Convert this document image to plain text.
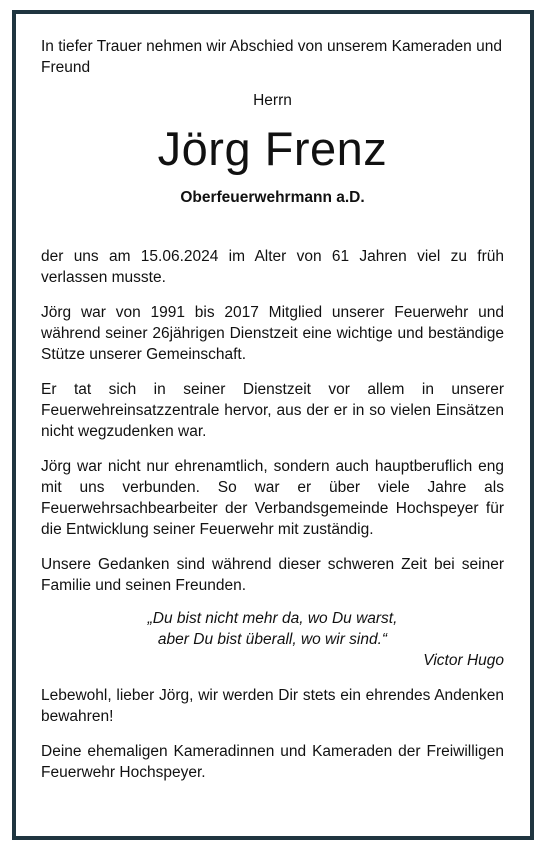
In tiefer Trauer nehmen wir Abschied von unserem Kameraden und Freund

Herrn

Jörg Frenz

Oberfeuerwehrmann a.D.

der uns am 15.06.2024 im Alter von 61 Jahren viel zu früh verlassen musste.

Jörg war von 1991 bis 2017 Mitglied unserer Feuerwehr und während seiner 26jährigen Dienstzeit eine wichtige und beständige Stütze unserer Gemeinschaft.

Er tat sich in seiner Dienstzeit vor allem in unserer Feuerwehreinsatzzentrale hervor, aus der er in so vielen Einsätzen nicht wegzudenken war.

Jörg war nicht nur ehrenamtlich, sondern auch hauptberuflich eng mit uns verbunden. So war er über viele Jahre als Feuerwehrsachbearbeiter der Verbandsgemeinde Hochspeyer für die Entwicklung seiner Feuerwehr mit zuständig.

Unsere Gedanken sind während dieser schweren Zeit bei seiner Familie und seinen Freunden.

„Du bist nicht mehr da, wo Du warst,
aber Du bist überall, wo wir sind.“
Victor Hugo

Lebewohl, lieber Jörg, wir werden Dir stets ein ehrendes Andenken bewahren!

Deine ehemaligen Kameradinnen und Kameraden der Freiwilligen Feuerwehr Hochspeyer.
